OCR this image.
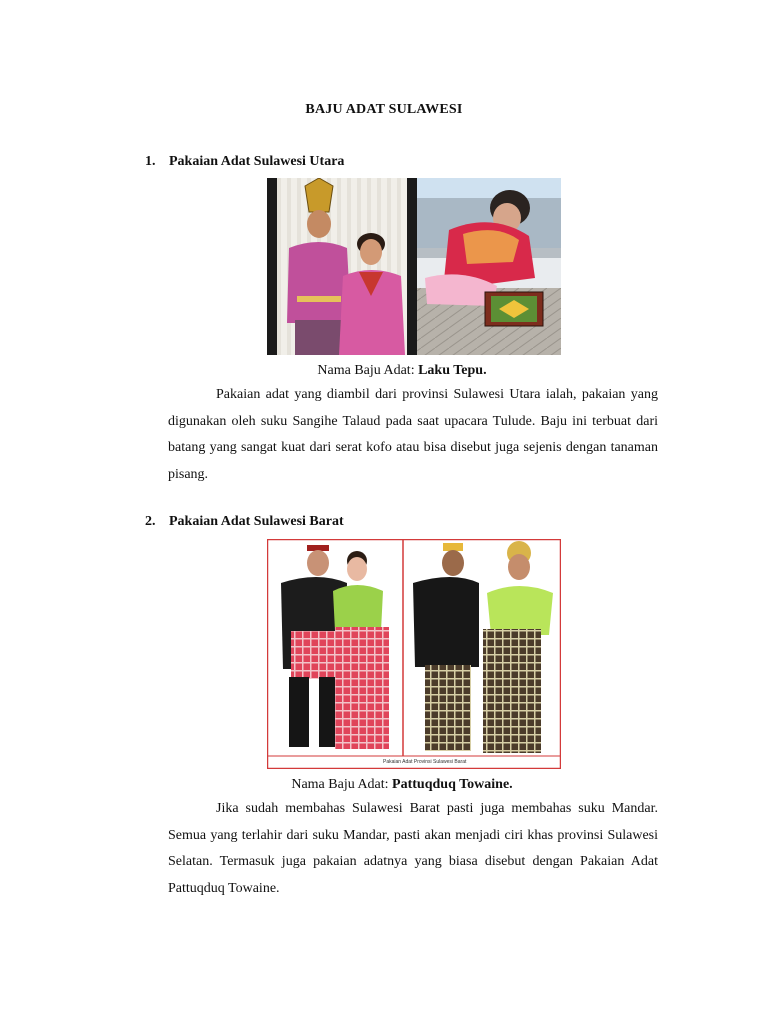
BAJU ADAT SULAWESI
1. Pakaian Adat Sulawesi Utara
Nama Baju Adat: Laku Tepu.

Pakaian adat yang diambil dari provinsi Sulawesi Utara ialah, pakaian yang digunakan oleh suku Sangihe Talaud pada saat upacara Tulude. Baju ini terbuat dari batang yang sangat kuat dari serat kofo atau bisa disebut juga sejenis dengan tanaman pisang.

2. Pakaian Adat Sulawesi Barat
Pakaian Adat Provinsi Sulawesi Barat
Nama Baju Adat: Pattuqduq Towaine.

Jika sudah membahas Sulawesi Barat pasti juga membahas suku Mandar. Semua yang terlahir dari suku Mandar, pasti akan menjadi ciri khas provinsi Sulawesi Selatan. Termasuk juga pakaian adatnya yang biasa disebut dengan Pakaian Adat Pattuqduq Towaine.
